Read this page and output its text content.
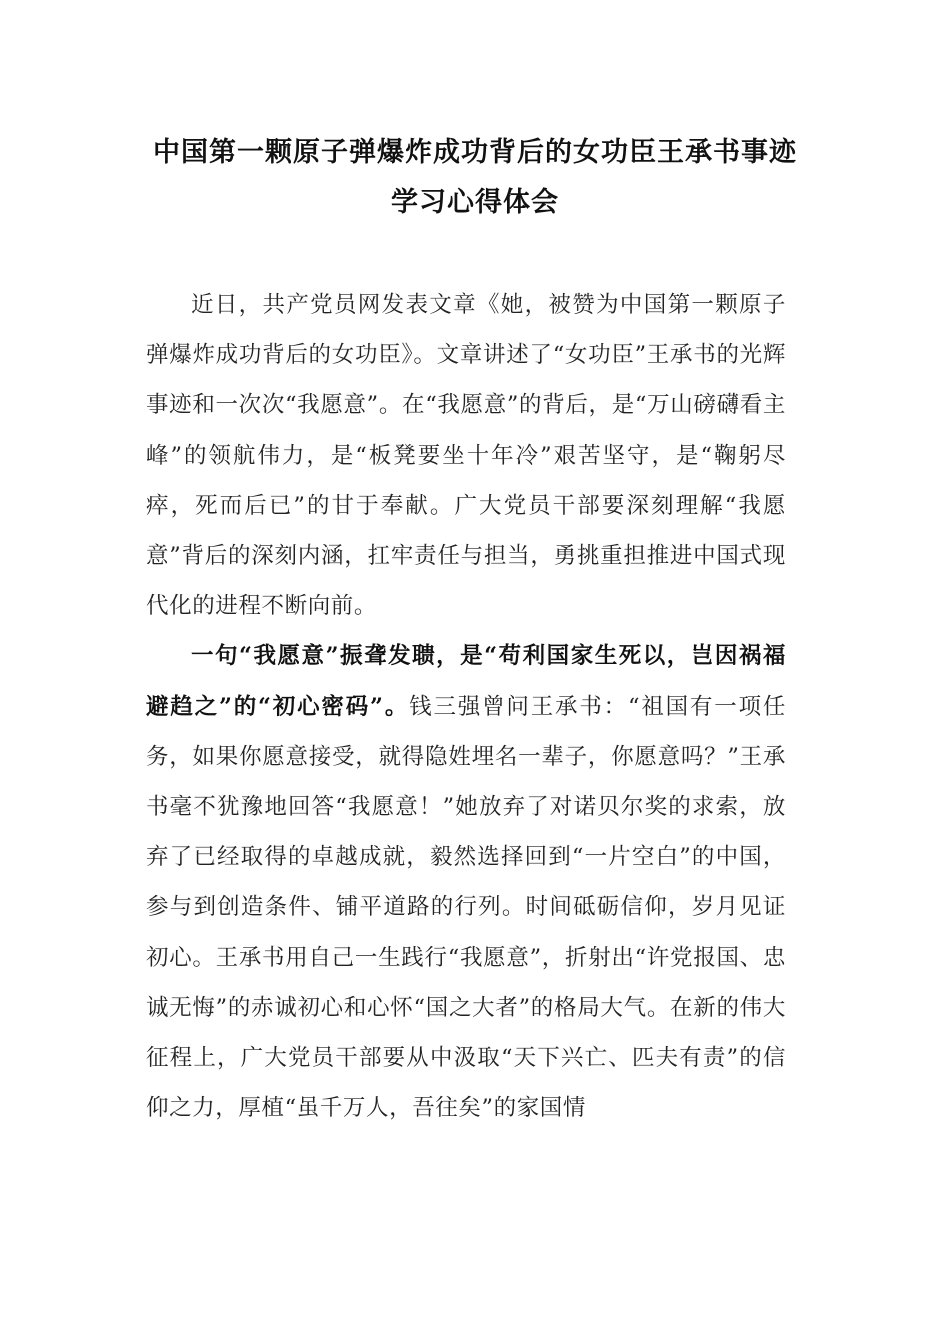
中国第一颗原子弹爆炸成功背后的女功臣王承书事迹
学习心得体会

近日，共产党员网发表文章《她，被赞为中国第一颗原子弹爆炸成功背后的女功臣》。文章讲述了“女功臣”王承书的光辉事迹和一次次“我愿意”。在“我愿意”的背后，是“万山磅礴看主峰”的领航伟力，是“板凳要坐十年冷”艰苦坚守，是“鞠躬尽瘁，死而后已”的甘于奉献。广大党员干部要深刻理解“我愿意”背后的深刻内涵，扛牢责任与担当，勇挑重担推进中国式现代化的进程不断向前。

一句“我愿意”振聋发聩，是“苟利国家生死以，岂因祸福避趋之”的“初心密码”。钱三强曾问王承书：“祖国有一项任务，如果你愿意接受，就得隐姓埋名一辈子，你愿意吗？”王承书毫不犹豫地回答“我愿意！”她放弃了对诺贝尔奖的求索，放弃了已经取得的卓越成就，毅然选择回到“一片空白”的中国，参与到创造条件、铺平道路的行列。时间砥砺信仰，岁月见证初心。王承书用自己一生践行“我愿意”，折射出“许党报国、忠诚无悔”的赤诚初心和心怀“国之大者”的格局大气。在新的伟大征程上，广大党员干部要从中汲取“天下兴亡、匹夫有责”的信仰之力，厚植“虽千万人，吾往矣”的家国情
